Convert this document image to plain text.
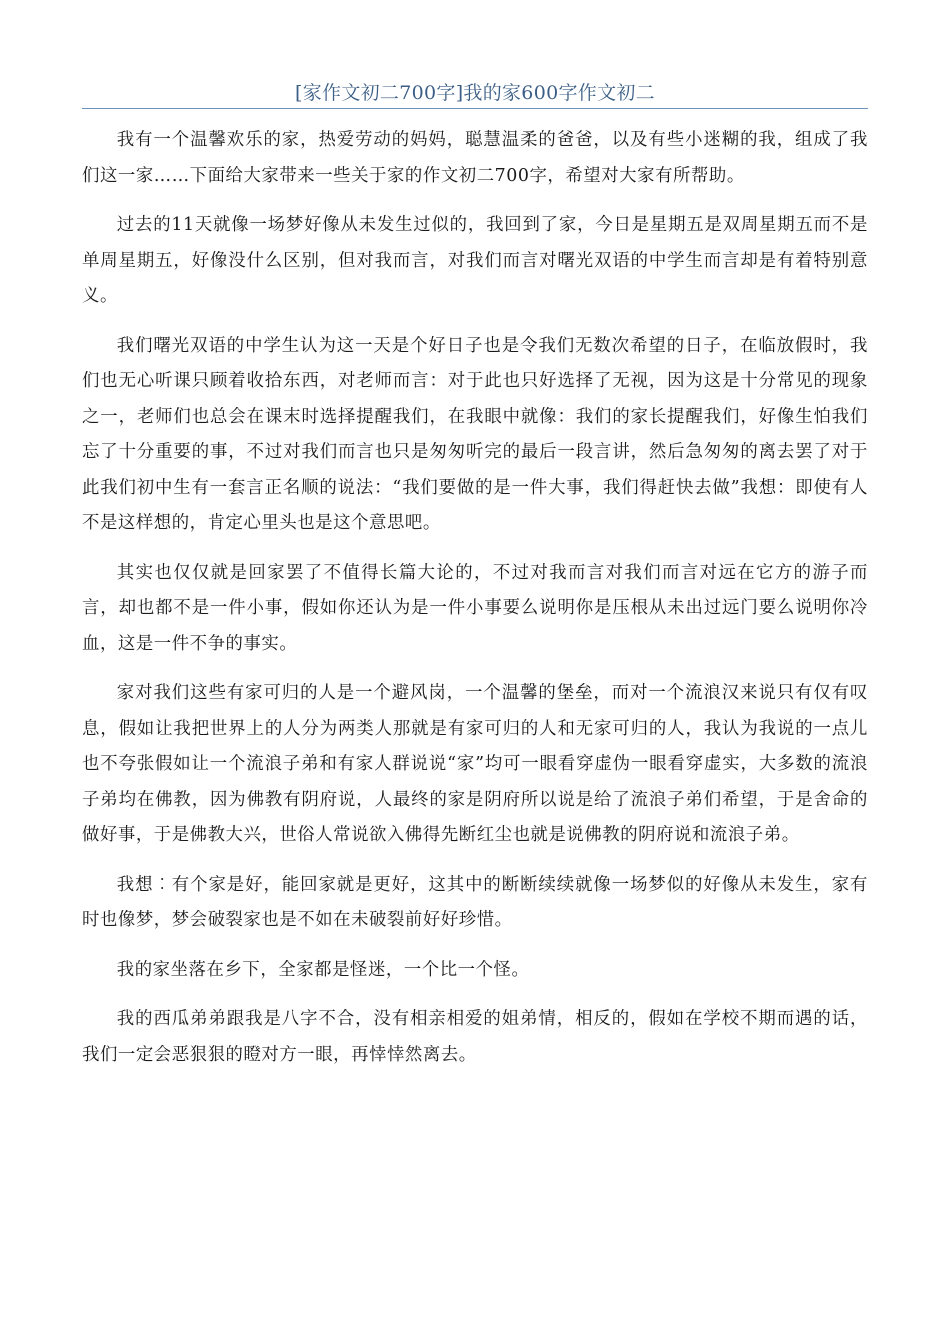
[家作文初二700字]我的家600字作文初二

我有一个温馨欢乐的家，热爱劳动的妈妈，聪慧温柔的爸爸，以及有些小迷糊的我，组成了我们这一家……下面给大家带来一些关于家的作文初二700字，希望对大家有所帮助。

过去的11天就像一场梦好像从未发生过似的，我回到了家，今日是星期五是双周星期五而不是单周星期五，好像没什么区别，但对我而言，对我们而言对曙光双语的中学生而言却是有着特别意义。

我们曙光双语的中学生认为这一天是个好日子也是令我们无数次希望的日子，在临放假时，我们也无心听课只顾着收拾东西，对老师而言：对于此也只好选择了无视，因为这是十分常见的现象之一，老师们也总会在课末时选择提醒我们，在我眼中就像：我们的家长提醒我们，好像生怕我们忘了十分重要的事，不过对我们而言也只是匆匆听完的最后一段言讲，然后急匆匆的离去罢了对于此我们初中生有一套言正名顺的说法：“我们要做的是一件大事，我们得赶快去做”我想：即使有人不是这样想的，肯定心里头也是这个意思吧。

其实也仅仅就是回家罢了不值得长篇大论的，不过对我而言对我们而言对远在它方的游子而言，却也都不是一件小事，假如你还认为是一件小事要么说明你是压根从未出过远门要么说明你冷血，这是一件不争的事实。

家对我们这些有家可归的人是一个避风岗，一个温馨的堡垒，而对一个流浪汉来说只有仅有叹息，假如让我把世界上的人分为两类人那就是有家可归的人和无家可归的人，我认为我说的一点儿也不夸张假如让一个流浪子弟和有家人群说说“家”均可一眼看穿虚伪一眼看穿虚实，大多数的流浪子弟均在佛教，因为佛教有阴府说，人最终的家是阴府所以说是给了流浪子弟们希望，于是舍命的做好事，于是佛教大兴，世俗人常说欲入佛得先断红尘也就是说佛教的阴府说和流浪子弟。

我想︰有个家是好，能回家就是更好，这其中的断断续续就像一场梦似的好像从未发生，家有时也像梦，梦会破裂家也是不如在未破裂前好好珍惜。

我的家坐落在乡下，全家都是怪迷，一个比一个怪。

我的西瓜弟弟跟我是八字不合，没有相亲相爱的姐弟情，相反的，假如在学校不期而遇的话，我们一定会恶狠狠的瞪对方一眼，再悻悻然离去。
